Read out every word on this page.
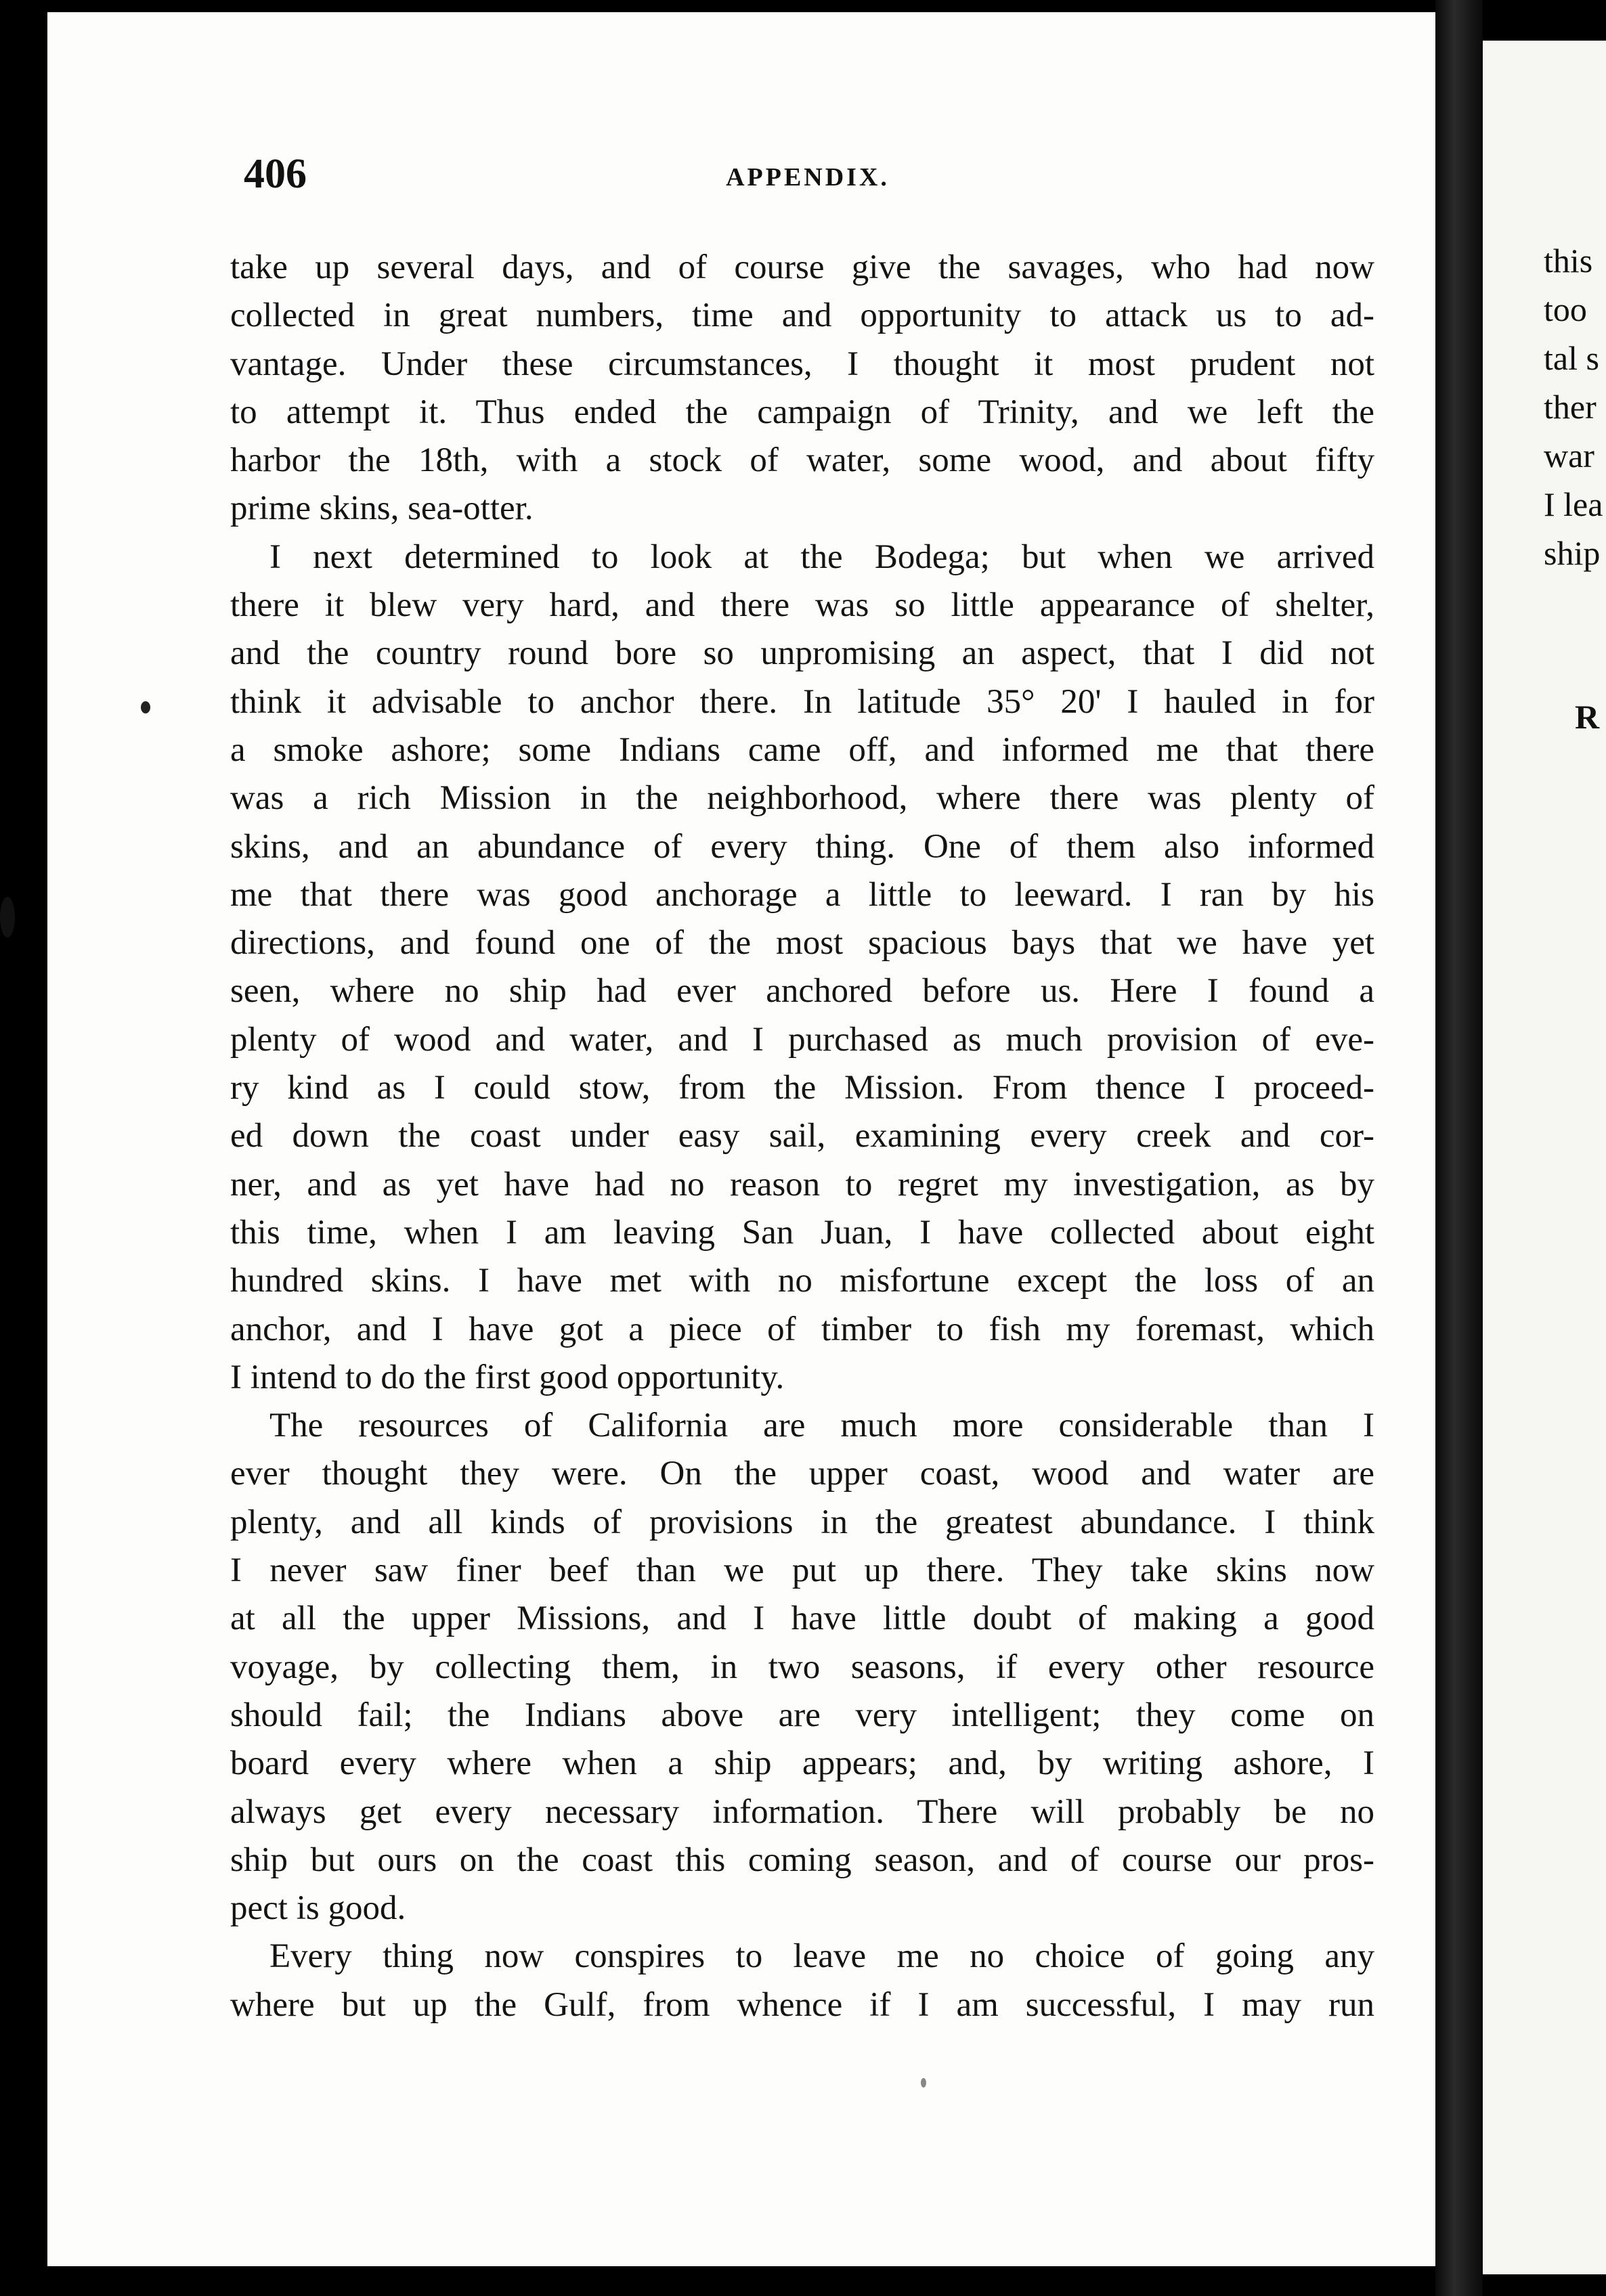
this
too
tal s
ther
war
I lea
ship
R
406	APPENDIX.
take up several days, and of course give the savages, who had now
collected in great numbers, time and opportunity to attack us to ad-
vantage. Under these circumstances, I thought it most prudent not
to attempt it. Thus ended the campaign of Trinity, and we left the
harbor the 18th, with a stock of water, some wood, and about fifty
prime skins, sea-otter.
I next determined to look at the Bodega; but when we arrived
there it blew very hard, and there was so little appearance of shelter,
and the country round bore so unpromising an aspect, that I did not
think it advisable to anchor there. In latitude 35° 20' I hauled in for
a smoke ashore; some Indians came off, and informed me that there
was a rich Mission in the neighborhood, where there was plenty of
skins, and an abundance of every thing. One of them also informed
me that there was good anchorage a little to leeward. I ran by his
directions, and found one of the most spacious bays that we have yet
seen, where no ship had ever anchored before us. Here I found a
plenty of wood and water, and I purchased as much provision of eve-
ry kind as I could stow, from the Mission. From thence I proceed-
ed down the coast under easy sail, examining every creek and cor-
ner, and as yet have had no reason to regret my investigation, as by
this time, when I am leaving San Juan, I have collected about eight
hundred skins. I have met with no misfortune except the loss of an
anchor, and I have got a piece of timber to fish my foremast, which
I intend to do the first good opportunity.
The resources of California are much more considerable than I
ever thought they were. On the upper coast, wood and water are
plenty, and all kinds of provisions in the greatest abundance. I think
I never saw finer beef than we put up there. They take skins now
at all the upper Missions, and I have little doubt of making a good
voyage, by collecting them, in two seasons, if every other resource
should fail; the Indians above are very intelligent; they come on
board every where when a ship appears; and, by writing ashore, I
always get every necessary information. There will probably be no
ship but ours on the coast this coming season, and of course our pros-
pect is good.
Every thing now conspires to leave me no choice of going any
where but up the Gulf, from whence if I am successful, I may run
